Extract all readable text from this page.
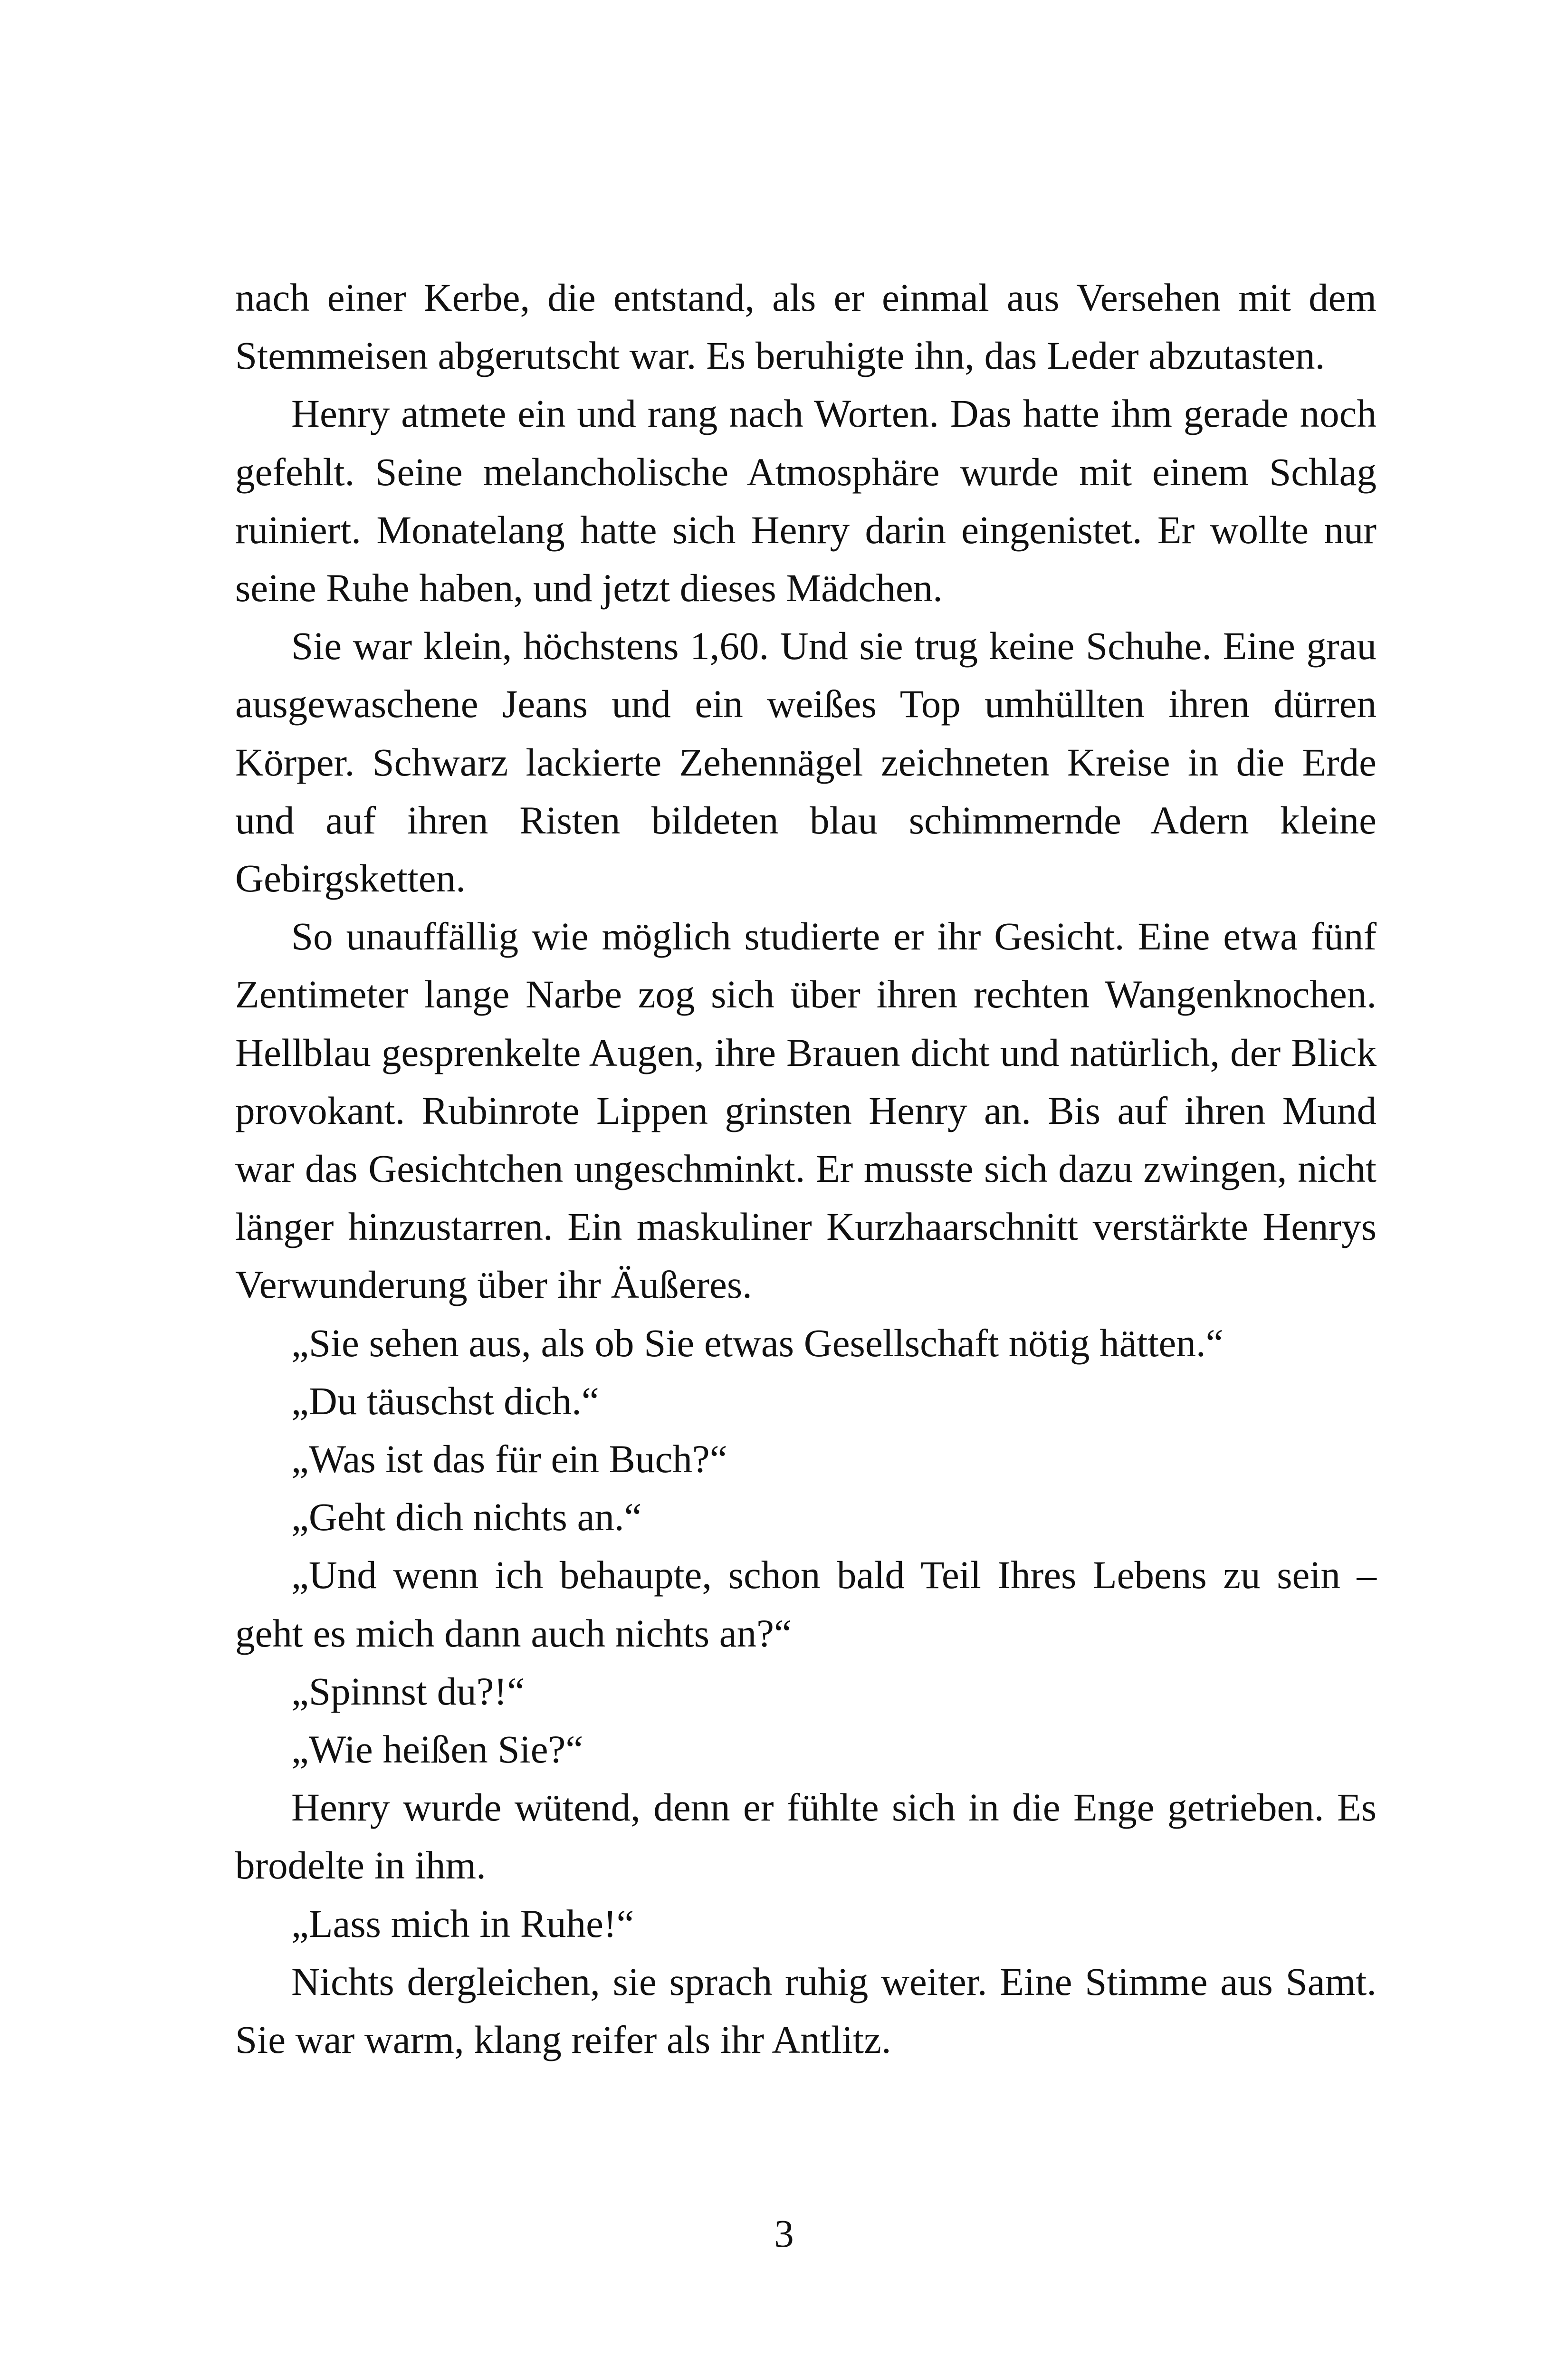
nach einer Kerbe, die entstand, als er einmal aus Versehen mit dem Stemmeisen abgerutscht war. Es beruhigte ihn, das Leder abzutasten.

Henry atmete ein und rang nach Worten. Das hatte ihm gerade noch gefehlt. Seine melancholische Atmosphäre wurde mit einem Schlag ruiniert. Monatelang hatte sich Henry darin eingenistet. Er wollte nur seine Ruhe haben, und jetzt dieses Mädchen.

Sie war klein, höchstens 1,60. Und sie trug keine Schuhe. Eine grau ausgewaschene Jeans und ein weißes Top umhüllten ihren dürren Körper. Schwarz lackierte Zehennägel zeichneten Kreise in die Erde und auf ihren Risten bildeten blau schimmernde Adern kleine Gebirgsketten.

So unauffällig wie möglich studierte er ihr Gesicht. Eine etwa fünf Zentimeter lange Narbe zog sich über ihren rechten Wangenknochen. Hellblau gesprenkelte Augen, ihre Brauen dicht und natürlich, der Blick provokant. Rubinrote Lippen grinsten Henry an. Bis auf ihren Mund war das Gesichtchen ungeschminkt. Er musste sich dazu zwingen, nicht länger hinzustarren. Ein maskuliner Kurzhaarschnitt verstärkte Henrys Verwunderung über ihr Äußeres.

„Sie sehen aus, als ob Sie etwas Gesellschaft nötig hätten.“

„Du täuschst dich.“

„Was ist das für ein Buch?“

„Geht dich nichts an.“

„Und wenn ich behaupte, schon bald Teil Ihres Lebens zu sein – geht es mich dann auch nichts an?“

„Spinnst du?!“

„Wie heißen Sie?“

Henry wurde wütend, denn er fühlte sich in die Enge getrieben. Es brodelte in ihm.

„Lass mich in Ruhe!“

Nichts dergleichen, sie sprach ruhig weiter. Eine Stimme aus Samt. Sie war warm, klang reifer als ihr Antlitz.

3
